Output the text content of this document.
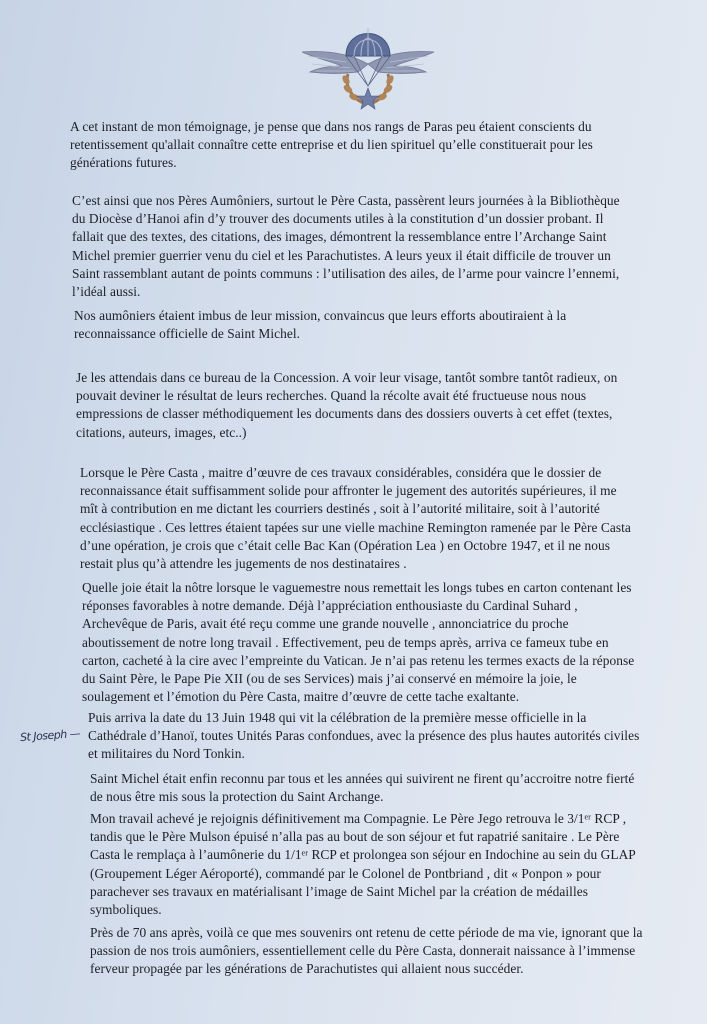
A cet instant de mon témoignage, je pense que dans nos rangs de Paras peu étaient conscients du
retentissement qu'allait connaître cette entreprise et du lien spirituel qu’elle constituerait pour les
générations futures.
C’est ainsi que nos Pères Aumôniers, surtout le Père Casta, passèrent leurs journées à la Bibliothèque
du Diocèse d’Hanoi afin d’y trouver des documents utiles à la constitution d’un dossier probant. Il
fallait que des textes, des citations, des images, démontrent la ressemblance entre l’Archange Saint
Michel premier guerrier venu du ciel et les Parachutistes. A leurs yeux il était difficile de trouver un
Saint rassemblant autant de points communs : l’utilisation des ailes, de l’arme pour vaincre l’ennemi,
l’idéal aussi.
Nos aumôniers étaient imbus de leur mission, convaincus que leurs efforts aboutiraient à la
reconnaissance officielle de Saint Michel.
Je les attendais dans ce bureau de la Concession. A voir leur visage, tantôt sombre tantôt radieux, on
pouvait deviner le résultat de leurs recherches. Quand la récolte avait été fructueuse nous nous
empressions de classer méthodiquement les documents dans des dossiers ouverts à cet effet (textes,
citations, auteurs, images, etc..)
Lorsque le Père Casta , maitre d’œuvre de ces travaux considérables, considéra que le dossier de
reconnaissance était suffisamment solide pour affronter le jugement des autorités supérieures, il me
mît à contribution en me dictant les courriers destinés , soit à l’autorité militaire, soit à l’autorité
ecclésiastique . Ces lettres étaient tapées sur une vielle machine Remington ramenée par le Père Casta
d’une opération, je crois que c’était celle Bac Kan (Opération Lea ) en Octobre 1947, et il ne nous
restait plus qu’à attendre les jugements de nos destinataires .
Quelle joie était la nôtre lorsque le vaguemestre nous remettait les longs tubes en carton contenant les
réponses favorables à notre demande. Déjà l’appréciation enthousiaste du Cardinal Suhard ,
Archevêque de Paris, avait été reçu comme une grande nouvelle , annonciatrice du proche
aboutissement de notre long travail . Effectivement, peu de temps après, arriva ce fameux tube en
carton, cacheté à la cire avec l’empreinte du Vatican. Je n’ai pas retenu les termes exacts de la réponse
du Saint Père, le Pape Pie XII (ou de ses Services) mais j’ai conservé en mémoire la joie, le
soulagement et l’émotion du Père Casta, maitre d’œuvre de cette tache exaltante.
St Joseph —
Puis arriva la date du 13 Juin 1948 qui vit la célébration de la première messe officielle in la
Cathédrale d’Hanoï, toutes Unités Paras confondues, avec la présence des plus hautes autorités civiles
et militaires du Nord Tonkin.
Saint Michel était enfin reconnu par tous et les années qui suivirent ne firent qu’accroitre notre fierté
de nous être mis sous la protection du Saint Archange.
Mon travail achevé je rejoignis définitivement ma Compagnie. Le Père Jego retrouva le 3/1ᵉʳ RCP ,
tandis que le Père Mulson épuisé n’alla pas au bout de son séjour et fut rapatrié sanitaire . Le Père
Casta le remplaça à l’aumônerie du 1/1ᵉʳ RCP et prolongea son séjour en Indochine au sein du GLAP
(Groupement Léger Aéroporté), commandé par le Colonel de Pontbriand , dit « Ponpon » pour
parachever ses travaux en matérialisant l’image de Saint Michel par la création de médailles
symboliques.
Près de 70 ans après, voilà ce que mes souvenirs ont retenu de cette période de ma vie, ignorant que la
passion de nos trois aumôniers, essentiellement celle du Père Casta, donnerait naissance à l’immense
ferveur propagée par les générations de Parachutistes qui allaient nous succéder.
